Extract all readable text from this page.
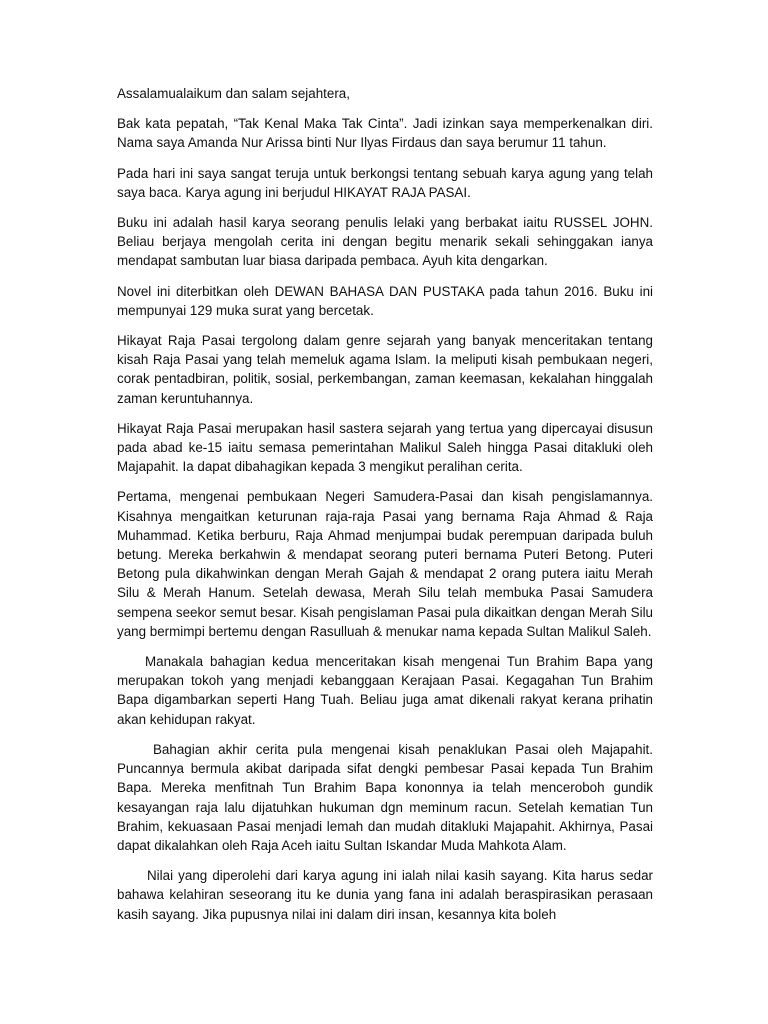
Assalamualaikum dan salam sejahtera,

Bak kata pepatah, “Tak Kenal Maka Tak Cinta”. Jadi izinkan saya memperkenalkan diri. Nama saya Amanda Nur Arissa binti Nur Ilyas Firdaus dan saya berumur 11 tahun.

Pada hari ini saya sangat teruja untuk berkongsi tentang sebuah karya agung yang telah saya baca. Karya agung ini berjudul HIKAYAT RAJA PASAI.

Buku ini adalah hasil karya seorang penulis lelaki yang berbakat iaitu RUSSEL JOHN. Beliau berjaya mengolah cerita ini dengan begitu menarik sekali sehinggakan ianya mendapat sambutan luar biasa daripada pembaca. Ayuh kita dengarkan.

Novel ini diterbitkan oleh DEWAN BAHASA DAN PUSTAKA pada tahun 2016. Buku ini mempunyai 129 muka surat yang bercetak.

Hikayat Raja Pasai tergolong dalam genre sejarah yang banyak menceritakan tentang kisah Raja Pasai yang telah memeluk agama Islam. Ia meliputi kisah pembukaan negeri, corak pentadbiran, politik, sosial, perkembangan, zaman keemasan, kekalahan hinggalah zaman keruntuhannya.

Hikayat Raja Pasai merupakan hasil sastera sejarah yang tertua yang dipercayai disusun pada abad ke-15 iaitu semasa pemerintahan Malikul Saleh hingga Pasai ditakluki oleh Majapahit. Ia dapat dibahagikan kepada 3 mengikut peralihan cerita.

Pertama, mengenai pembukaan Negeri Samudera-Pasai dan kisah pengislamannya. Kisahnya mengaitkan keturunan raja-raja Pasai yang bernama Raja Ahmad & Raja Muhammad. Ketika berburu, Raja Ahmad menjumpai budak perempuan daripada buluh betung. Mereka berkahwin & mendapat seorang puteri bernama Puteri Betong. Puteri Betong pula dikahwinkan dengan Merah Gajah & mendapat 2 orang putera iaitu Merah Silu & Merah Hanum. Setelah dewasa, Merah Silu telah membuka Pasai Samudera sempena seekor semut besar. Kisah pengislaman Pasai pula dikaitkan dengan Merah Silu yang bermimpi bertemu dengan Rasulluah & menukar nama kepada Sultan Malikul Saleh.

Manakala bahagian kedua menceritakan kisah mengenai Tun Brahim Bapa yang merupakan tokoh yang menjadi kebanggaan Kerajaan Pasai. Kegagahan Tun Brahim Bapa digambarkan seperti Hang Tuah. Beliau juga amat dikenali rakyat kerana prihatin akan kehidupan rakyat.

Bahagian akhir cerita pula mengenai kisah penaklukan Pasai oleh Majapahit. Puncannya bermula akibat daripada sifat dengki pembesar Pasai kepada Tun Brahim Bapa. Mereka menfitnah Tun Brahim Bapa kononnya ia telah menceroboh gundik kesayangan raja lalu dijatuhkan hukuman dgn meminum racun. Setelah kematian Tun Brahim, kekuasaan Pasai menjadi lemah dan mudah ditakluki Majapahit. Akhirnya, Pasai dapat dikalahkan oleh Raja Aceh iaitu Sultan Iskandar Muda Mahkota Alam.

Nilai yang diperolehi dari karya agung ini ialah nilai kasih sayang. Kita harus sedar bahawa kelahiran seseorang itu ke dunia yang fana ini adalah beraspirasikan perasaan kasih sayang. Jika pupusnya nilai ini dalam diri insan, kesannya kita boleh
